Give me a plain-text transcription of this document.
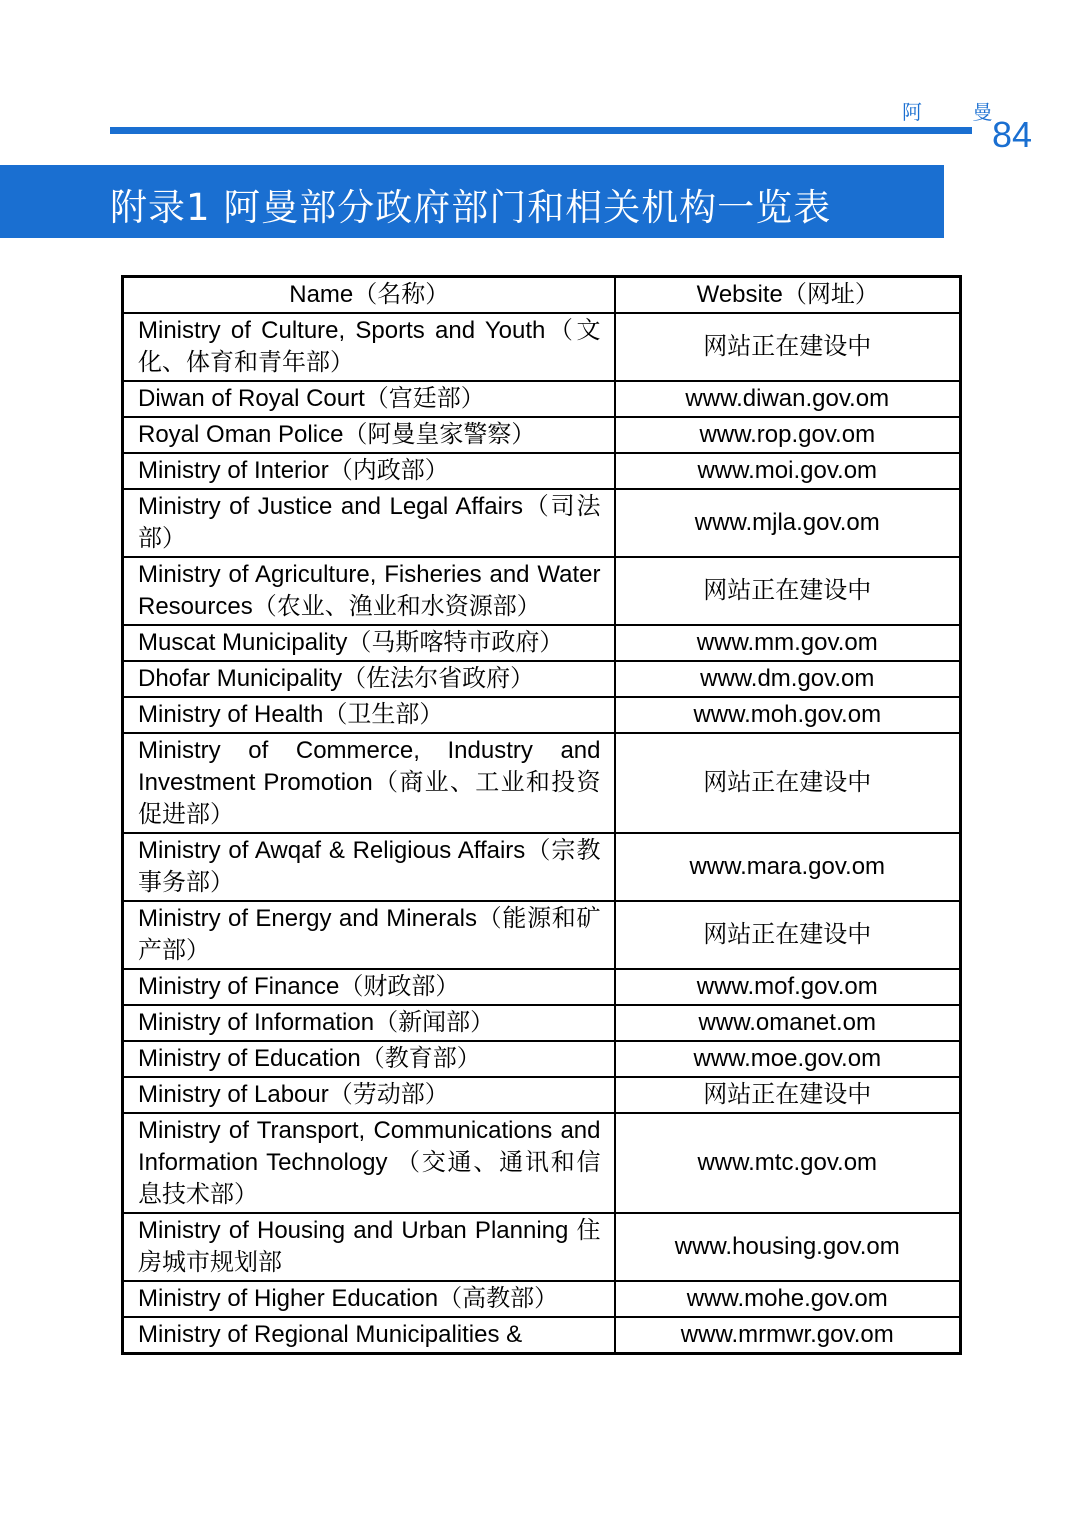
阿 曼
84
附录1 阿曼部分政府部门和相关机构一览表
Name（名称）	Website（网址）
Ministry of Culture, Sports and Youth（文化、体育和青年部）	网站正在建设中
Diwan of Royal Court（宫廷部）	www.diwan.gov.om
Royal Oman Police（阿曼皇家警察）	www.rop.gov.om
Ministry of Interior（内政部）	www.moi.gov.om
Ministry of Justice and Legal Affairs（司法部）	www.mjla.gov.om
Ministry of Agriculture, Fisheries and Water Resources（农业、渔业和水资源部）	网站正在建设中
Muscat Municipality（马斯喀特市政府）	www.mm.gov.om
Dhofar Municipality（佐法尔省政府）	www.dm.gov.om
Ministry of Health（卫生部）	www.moh.gov.om
Ministry of Commerce, Industry and Investment Promotion（商业、工业和投资促进部）	网站正在建设中
Ministry of Awqaf & Religious Affairs（宗教事务部）	www.mara.gov.om
Ministry of Energy and Minerals（能源和矿产部）	网站正在建设中
Ministry of Finance（财政部）	www.mof.gov.om
Ministry of Information（新闻部）	www.omanet.om
Ministry of Education（教育部）	www.moe.gov.om
Ministry of Labour（劳动部）	网站正在建设中
Ministry of Transport, Communications and Information Technology （交通、通讯和信息技术部）	www.mtc.gov.om
Ministry of Housing and Urban Planning 住房城市规划部	www.housing.gov.om
Ministry of Higher Education（高教部）	www.mohe.gov.om
Ministry of Regional Municipalities &	www.mrmwr.gov.om
